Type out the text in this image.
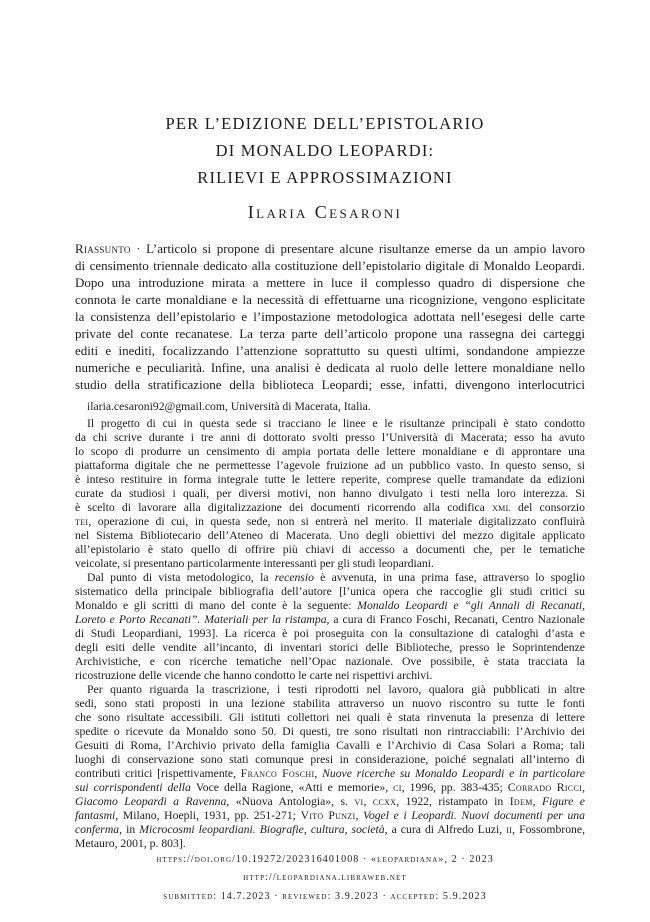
PER L’EDIZIONE DELL’EPISTOLARIO
DI MONALDO LEOPARDI:
RILIEVI E APPROSSIMAZIONI
Ilaria Cesaroni
Riassunto · L’articolo si propone di presentare alcune risultanze emerse da un ampio lavoro
di censimento triennale dedicato alla costituzione dell’epistolario digitale di Monaldo Leopardi.
Dopo una introduzione mirata a mettere in luce il complesso quadro di dispersione che
connota le carte monaldiane e la necessità di effettuarne una ricognizione, vengono esplicitate
la consistenza dell’epistolario e l’impostazione metodologica adottata nell’esegesi delle carte
private del conte recanatese. La terza parte dell’articolo propone una rassegna dei carteggi
editi e inediti, focalizzando l’attenzione soprattutto su questi ultimi, sondandone ampiezze
numeriche e peculiarità. Infine, una analisi è dedicata al ruolo delle lettere monaldiane nello
studio della stratificazione della biblioteca Leopardi; esse, infatti, divengono interlocutrici
ilaria.cesaroni92@gmail.com, Università di Macerata, Italia.
Il progetto di cui in questa sede si tracciano le linee e le risultanze principali è stato condotto
da chi scrive durante i tre anni di dottorato svolti presso l’Università di Macerata; esso ha avuto
lo scopo di produrre un censimento di ampia portata delle lettere monaldiane e di approntare una
piattaforma digitale che ne permettesse l’agevole fruizione ad un pubblico vasto. In questo senso, si
è inteso restituire in forma integrale tutte le lettere reperite, comprese quelle tramandate da edizioni
curate da studiosi i quali, per diversi motivi, non hanno divulgato i testi nella loro interezza. Si
è scelto di lavorare alla digitalizzazione dei documenti ricorrendo alla codifica xml del consorzio
tei, operazione di cui, in questa sede, non si entrerà nel merito. Il materiale digitalizzato confluirà
nel Sistema Bibliotecario dell’Ateneo di Macerata. Uno degli obiettivi del mezzo digitale applicato
all’epistolario è stato quello di offrire più chiavi di accesso a documenti che, per le tematiche
veicolate, si presentano particolarmente interessanti per gli studi leopardiani.
Dal punto di vista metodologico, la recensio è avvenuta, in una prima fase, attraverso lo spoglio
sistematico della principale bibliografia dell’autore [l’unica opera che raccoglie gli studi critici su
Monaldo e gli scritti di mano del conte è la seguente: Monaldo Leopardi e “gli Annali di Recanati,
Loreto e Porto Recanati”. Materiali per la ristampa, a cura di Franco Foschi, Recanati, Centro Nazionale
di Studi Leopardiani, 1993]. La ricerca è poi proseguita con la consultazione di cataloghi d’asta e
degli esiti delle vendite all’incanto, di inventari storici delle Biblioteche, presso le Soprintendenze
Archivistiche, e con ricerche tematiche nell’Opac nazionale. Ove possibile, è stata tracciata la
ricostruzione delle vicende che hanno condotto le carte nei rispettivi archivi.
Per quanto riguarda la trascrizione, i testi riprodotti nel lavoro, qualora già pubblicati in altre
sedi, sono stati proposti in una lezione stabilita attraverso un nuovo riscontro su tutte le fonti
che sono risultate accessibili. Gli istituti collettori nei quali è stata rinvenuta la presenza di lettere
spedite o ricevute da Monaldo sono 50. Di questi, tre sono risultati non rintracciabili: l’Archivio dei
Gesuiti di Roma, l’Archivio privato della famiglia Cavalli e l’Archivio di Casa Solari a Roma; tali
luoghi di conservazione sono stati comunque presi in considerazione, poiché segnalati all’interno di
contributi critici [rispettivamente, Franco Foschi, Nuove ricerche su Monaldo Leopardi e in particolare
sui corrispondenti della Voce della Ragione, «Atti e memorie», ci, 1996, pp. 383-435; Corrado Ricci,
Giacomo Leopardi a Ravenna, «Nuova Antologia», s. vi, ccxx, 1922, ristampato in Idem, Figure e
fantasmi, Milano, Hoepli, 1931, pp. 251-271; Vito Punzi, Vogel e i Leopardi. Nuovi documenti per una
conferma, in Microcosmi leopardiani. Biografie, cultura, società, a cura di Alfredo Luzi, ii, Fossombrone,
Metauro, 2001, p. 803].
https://doi.org/10.19272/202316401008 · «leopardiana», 2 · 2023
http://leopardiana.libraweb.net
submitted: 14.7.2023 · reviewed: 3.9.2023 · accepted: 5.9.2023
